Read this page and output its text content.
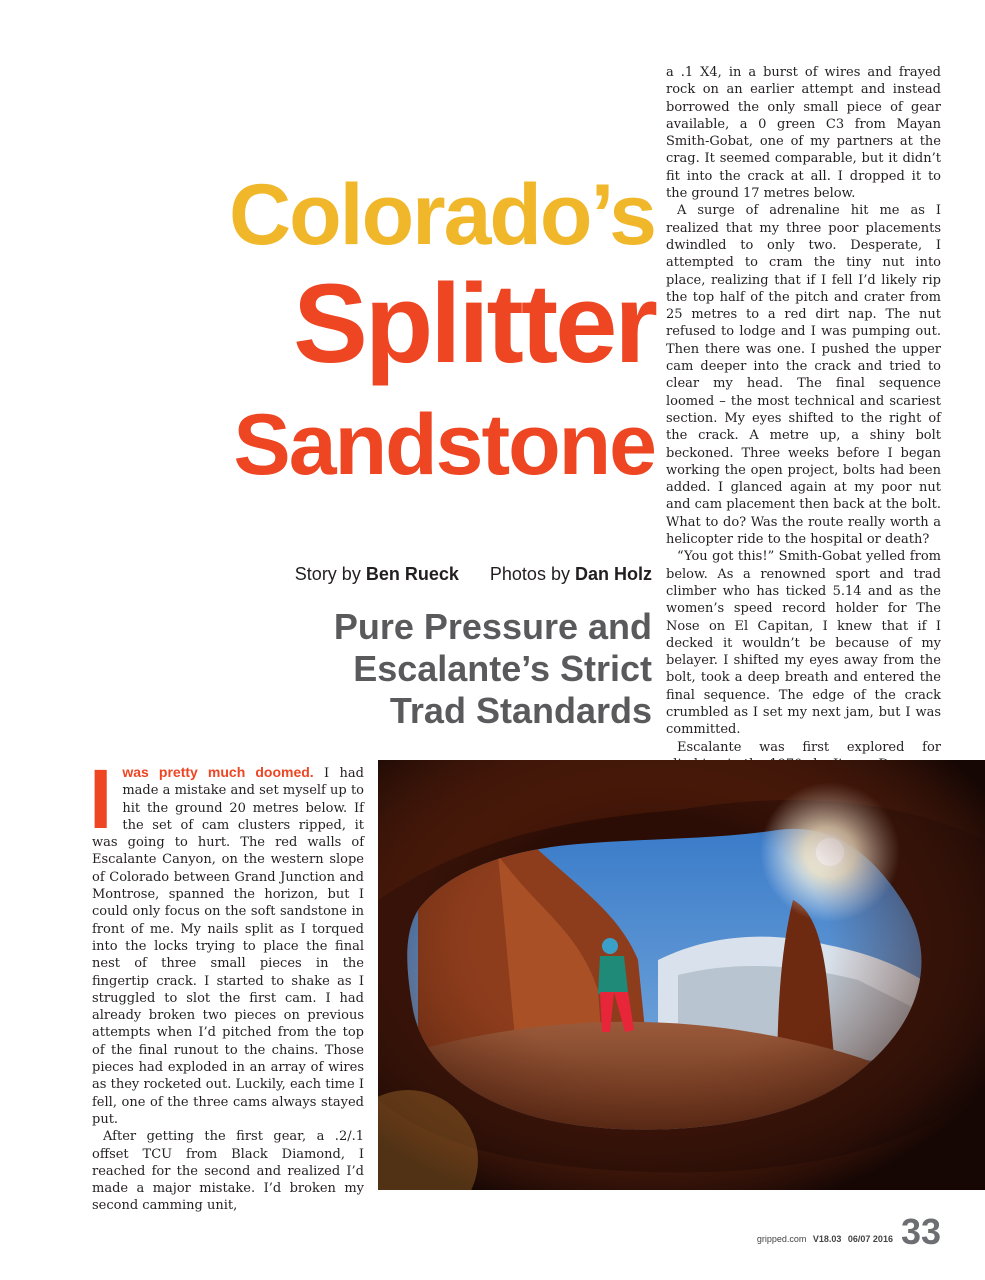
Colorado’s
Splitter
Sandstone
Story by Ben Rueck Photos by Dan Holz
Pure Pressure and
Escalante’s Strict
Trad Standards

a .1 X4, in a burst of wires and frayed rock on an earlier attempt and instead borrowed the only small piece of gear available, a 0 green C3 from Mayan Smith-Gobat, one of my partners at the crag. It seemed comparable, but it didn’t fit into the crack at all. I dropped it to the ground 17 metres below.

A surge of adrenaline hit me as I realized that my three poor placements dwindled to only two. Desperate, I attempted to cram the tiny nut into place, realizing that if I fell I’d likely rip the top half of the pitch and crater from 25 metres to a red dirt nap. The nut refused to lodge and I was pumping out. Then there was one. I pushed the upper cam deeper into the crack and tried to clear my head. The final sequence loomed – the most technical and scariest section. My eyes shifted to the right of the crack. A metre up, a shiny bolt beckoned. Three weeks before I began working the open project, bolts had been added. I glanced again at my poor nut and cam placement then back at the bolt. What to do? Was the route really worth a helicopter ride to the hospital or death?

“You got this!” Smith-Gobat yelled from below. As a renowned sport and trad climber who has ticked 5.14 and as the women’s speed record holder for The Nose on El Capitan, I knew that if I decked it wouldn’t be because of my belayer. I shifted my eyes away from the bolt, took a deep breath and entered the final sequence. The edge of the crack crumbled as I set my next jam, but I was committed.

Escalante was first explored for

Iwas pretty much doomed. I had made a mistake and set myself up to hit the ground 20 metres below. If the set of cam clusters ripped, it was going to hurt. The red walls of Escalante Canyon, on the western slope of Colorado between Grand Junction and Montrose, spanned the horizon, but I could only focus on the soft sandstone in front of me. My nails split as I torqued into the locks trying to place the final nest of three small pieces in the fingertip crack. I started to shake as I struggled to slot the first cam. I had already broken two pieces on previous attempts when I’d pitched from the top of the final runout to the chains. Those pieces had exploded in an array of wires as they rocketed out. Luckily, each time I fell, one of the three cams always stayed put.

After getting the first gear, a .2/.1 offset TCU from Black Diamond, I reached for the second and realized I’d made a major mistake. I’d broken my second camming unit,

gripped.com V18.03 06/07 2016 33
